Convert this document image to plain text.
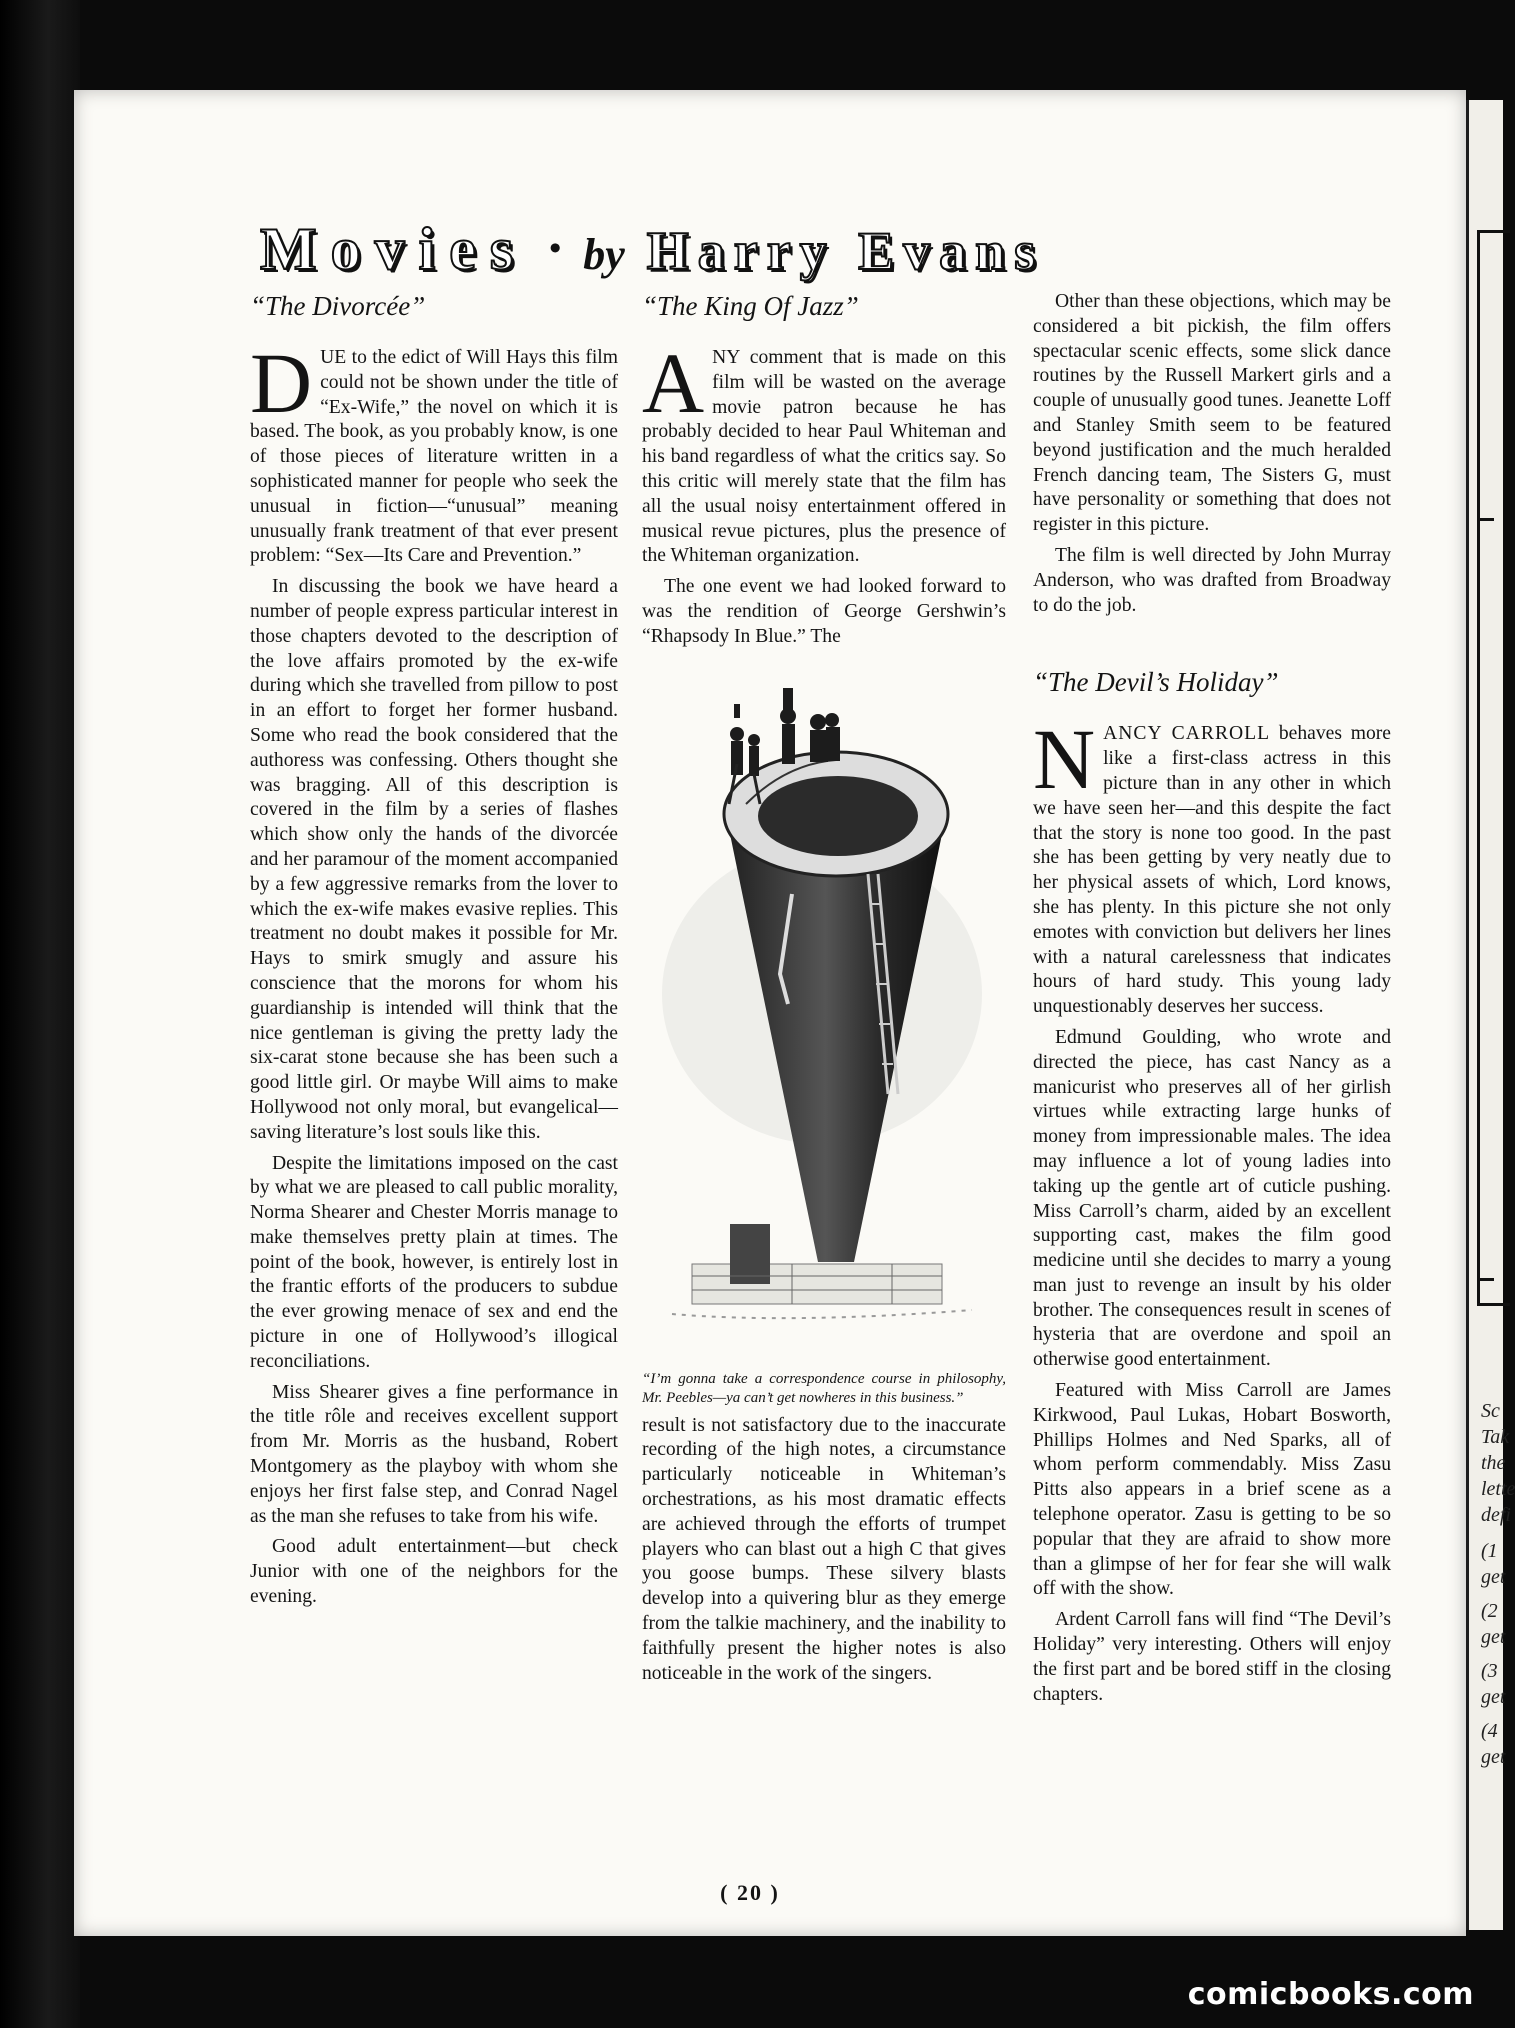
Sc
Tak
the
lette
defi
(1
get
(2
get
(3
get
(4
get
Movies • by Harry Evans
“The Divorcée”

DUE to the edict of Will Hays this film could not be shown under the title of “Ex-Wife,” the novel on which it is based. The book, as you probably know, is one of those pieces of literature written in a sophisticated manner for people who seek the unusual in fiction—“unusual” meaning unusually frank treatment of that ever present problem: “Sex—Its Care and Prevention.”

In discussing the book we have heard a number of people express particular interest in those chapters devoted to the description of the love affairs promoted by the ex-wife during which she travelled from pillow to post in an effort to forget her former husband. Some who read the book considered that the authoress was confessing. Others thought she was bragging. All of this description is covered in the film by a series of flashes which show only the hands of the divorcée and her paramour of the moment accompanied by a few aggressive remarks from the lover to which the ex-wife makes evasive replies. This treatment no doubt makes it possible for Mr. Hays to smirk smugly and assure his conscience that the morons for whom his guardianship is intended will think that the nice gentleman is giving the pretty lady the six-carat stone because she has been such a good little girl. Or maybe Will aims to make Hollywood not only moral, but evangelical—saving literature’s lost souls like this.

Despite the limitations imposed on the cast by what we are pleased to call public morality, Norma Shearer and Chester Morris manage to make themselves pretty plain at times. The point of the book, however, is entirely lost in the frantic efforts of the producers to subdue the ever growing menace of sex and end the picture in one of Hollywood’s illogical reconciliations.

Miss Shearer gives a fine performance in the title rôle and receives excellent support from Mr. Morris as the husband, Robert Montgomery as the playboy with whom she enjoys her first false step, and Conrad Nagel as the man she refuses to take from his wife.

Good adult entertainment—but check Junior with one of the neighbors for the evening.

“The King Of Jazz”

ANY comment that is made on this film will be wasted on the average movie patron because he has probably decided to hear Paul Whiteman and his band regardless of what the critics say. So this critic will merely state that the film has all the usual noisy entertainment offered in musical revue pictures, plus the presence of the Whiteman organization.

The one event we had looked forward to was the rendition of George Gershwin’s “Rhapsody In Blue.” The

“I’m gonna take a correspondence course in philosophy, Mr. Peebles—ya can’t get nowheres in this business.”

result is not satisfactory due to the inaccurate recording of the high notes, a circumstance particularly noticeable in Whiteman’s orchestrations, as his most dramatic effects are achieved through the efforts of trumpet players who can blast out a high C that gives you goose bumps. These silvery blasts develop into a quivering blur as they emerge from the talkie machinery, and the inability to faithfully present the higher notes is also noticeable in the work of the singers.

Other than these objections, which may be considered a bit pickish, the film offers spectacular scenic effects, some slick dance routines by the Russell Markert girls and a couple of unusually good tunes. Jeanette Loff and Stanley Smith seem to be featured beyond justification and the much heralded French dancing team, The Sisters G, must have personality or something that does not register in this picture.

The film is well directed by John Murray Anderson, who was drafted from Broadway to do the job.

“The Devil’s Holiday”

NANCY CARROLL behaves more like a first-class actress in this picture than in any other in which we have seen her—and this despite the fact that the story is none too good. In the past she has been getting by very neatly due to her physical assets of which, Lord knows, she has plenty. In this picture she not only emotes with conviction but delivers her lines with a natural carelessness that indicates hours of hard study. This young lady unquestionably deserves her success.

Edmund Goulding, who wrote and directed the piece, has cast Nancy as a manicurist who preserves all of her girlish virtues while extracting large hunks of money from impressionable males. The idea may influence a lot of young ladies into taking up the gentle art of cuticle pushing. Miss Carroll’s charm, aided by an excellent supporting cast, makes the film good medicine until she decides to marry a young man just to revenge an insult by his older brother. The consequences result in scenes of hysteria that are overdone and spoil an otherwise good entertainment.

Featured with Miss Carroll are James Kirkwood, Paul Lukas, Hobart Bosworth, Phillips Holmes and Ned Sparks, all of whom perform commendably. Miss Zasu Pitts also appears in a brief scene as a telephone operator. Zasu is getting to be so popular that they are afraid to show more than a glimpse of her for fear she will walk off with the show.

Ardent Carroll fans will find “The Devil’s Holiday” very interesting. Others will enjoy the first part and be bored stiff in the closing chapters.

( 20 )
comicbooks.com
